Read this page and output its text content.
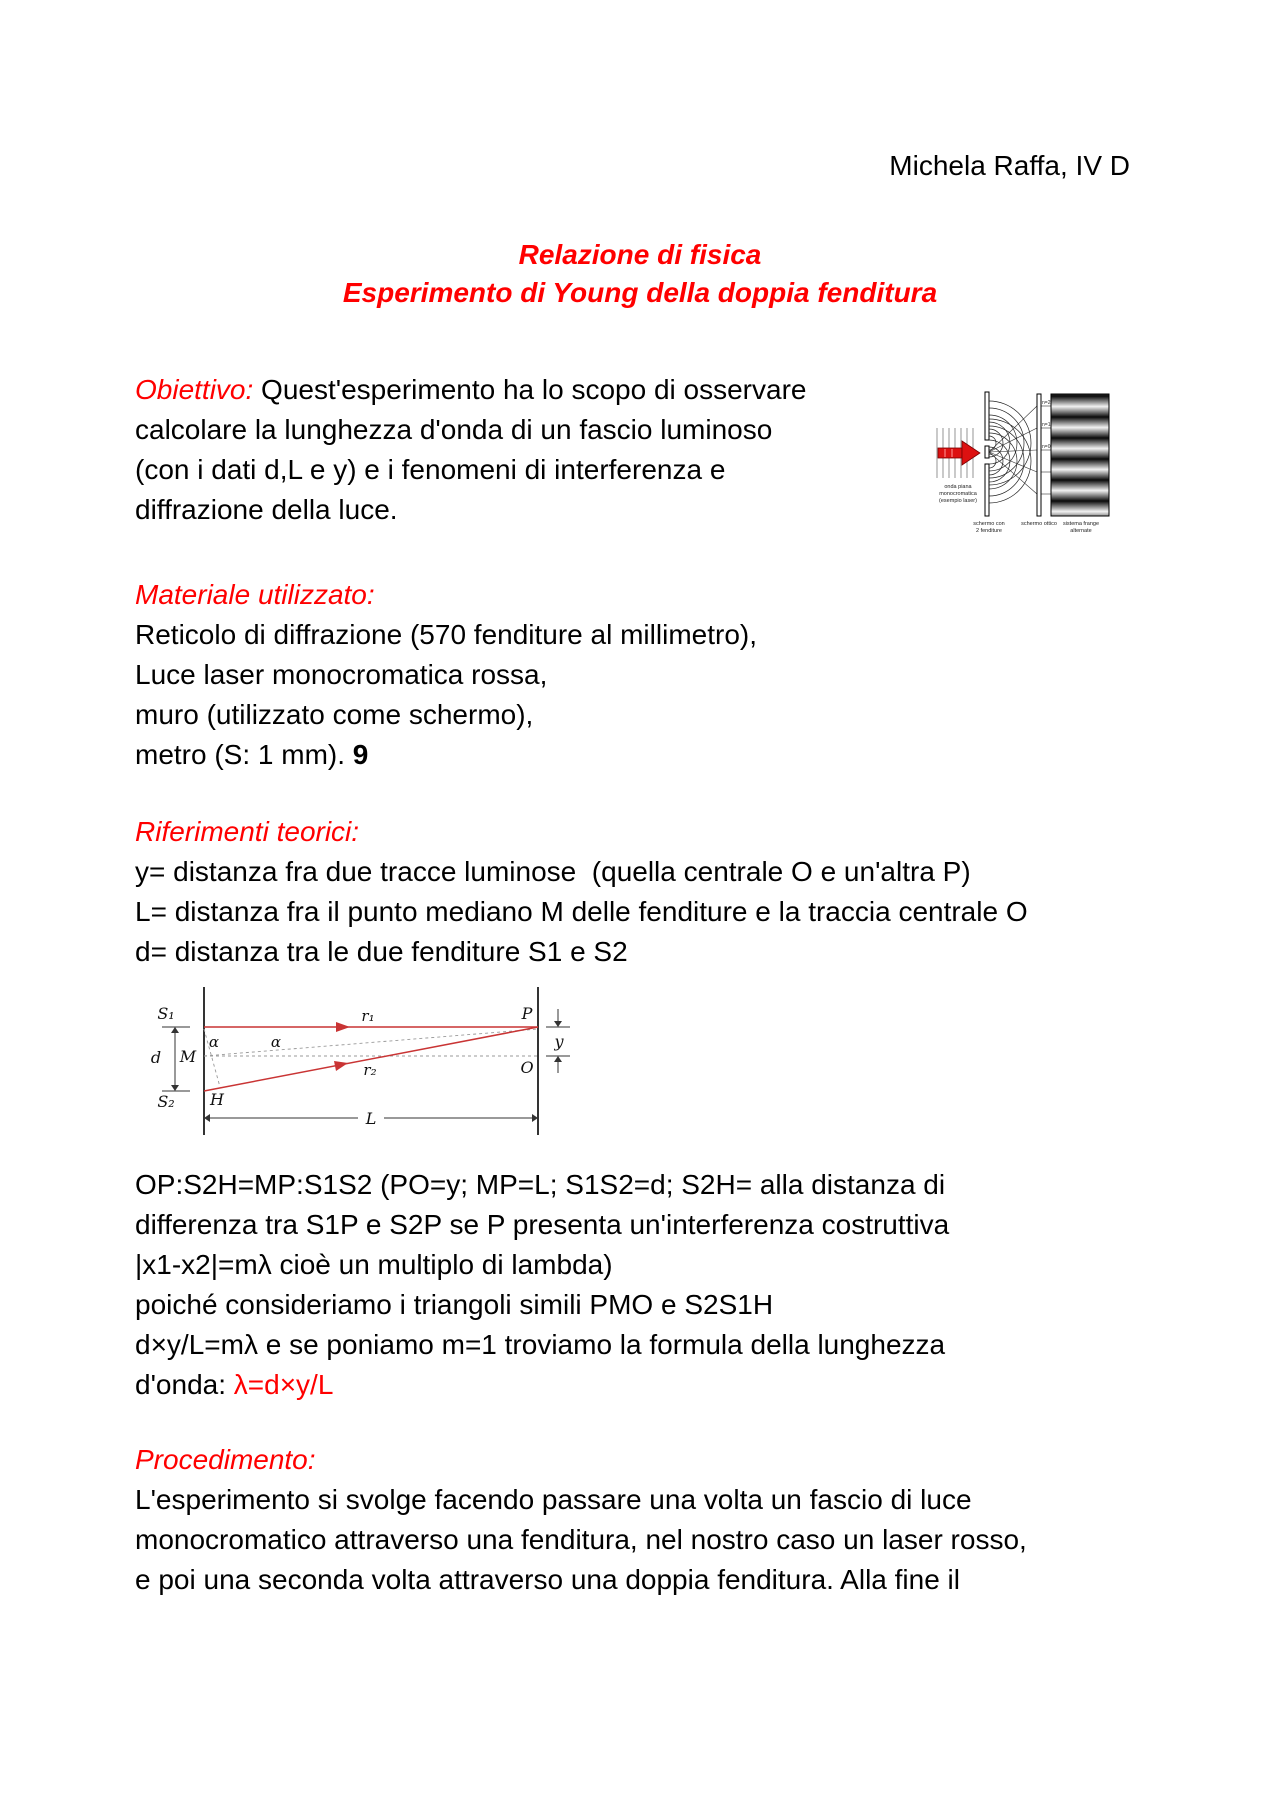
Michela Raffa, IV D
Relazione di fisica
Esperimento di Young della doppia fenditura
Obiettivo: Quest'esperimento ha lo scopo di osservare
calcolare la lunghezza d'onda di un fascio luminoso
(con i dati d,L e y) e i fenomeni di interferenza e
diffrazione della luce.
n=2
n=1
n=0
onda piana
monocromatica
(esempio laser)
schermo con
2 fenditure
schermo ottico sistema frange
alternate
Materiale utilizzato:
Reticolo di diffrazione (570 fenditure al millimetro),
Luce laser monocromatica rossa,
muro (utilizzato come schermo),
metro (S: 1 mm). 9
Riferimenti teorici:
y= distanza fra due tracce luminose  (quella centrale O e un'altra P)
L= distanza fra il punto mediano M delle fenditure e la traccia centrale O
d= distanza tra le due fenditure S1 e S2
S₁
S₂
M
H
d
α	α
r₁
r₂
P
O
y
L
OP:S2H=MP:S1S2 (PO=y; MP=L; S1S2=d; S2H= alla distanza di
differenza tra S1P e S2P se P presenta un'interferenza costruttiva
|x1-x2|=mλ cioè un multiplo di lambda)
poiché consideriamo i triangoli simili PMO e S2S1H
d×y/L=mλ e se poniamo m=1 troviamo la formula della lunghezza
d'onda: λ=d×y/L
Procedimento:
L'esperimento si svolge facendo passare una volta un fascio di luce
monocromatico attraverso una fenditura, nel nostro caso un laser rosso,
e poi una seconda volta attraverso una doppia fenditura. Alla fine il
